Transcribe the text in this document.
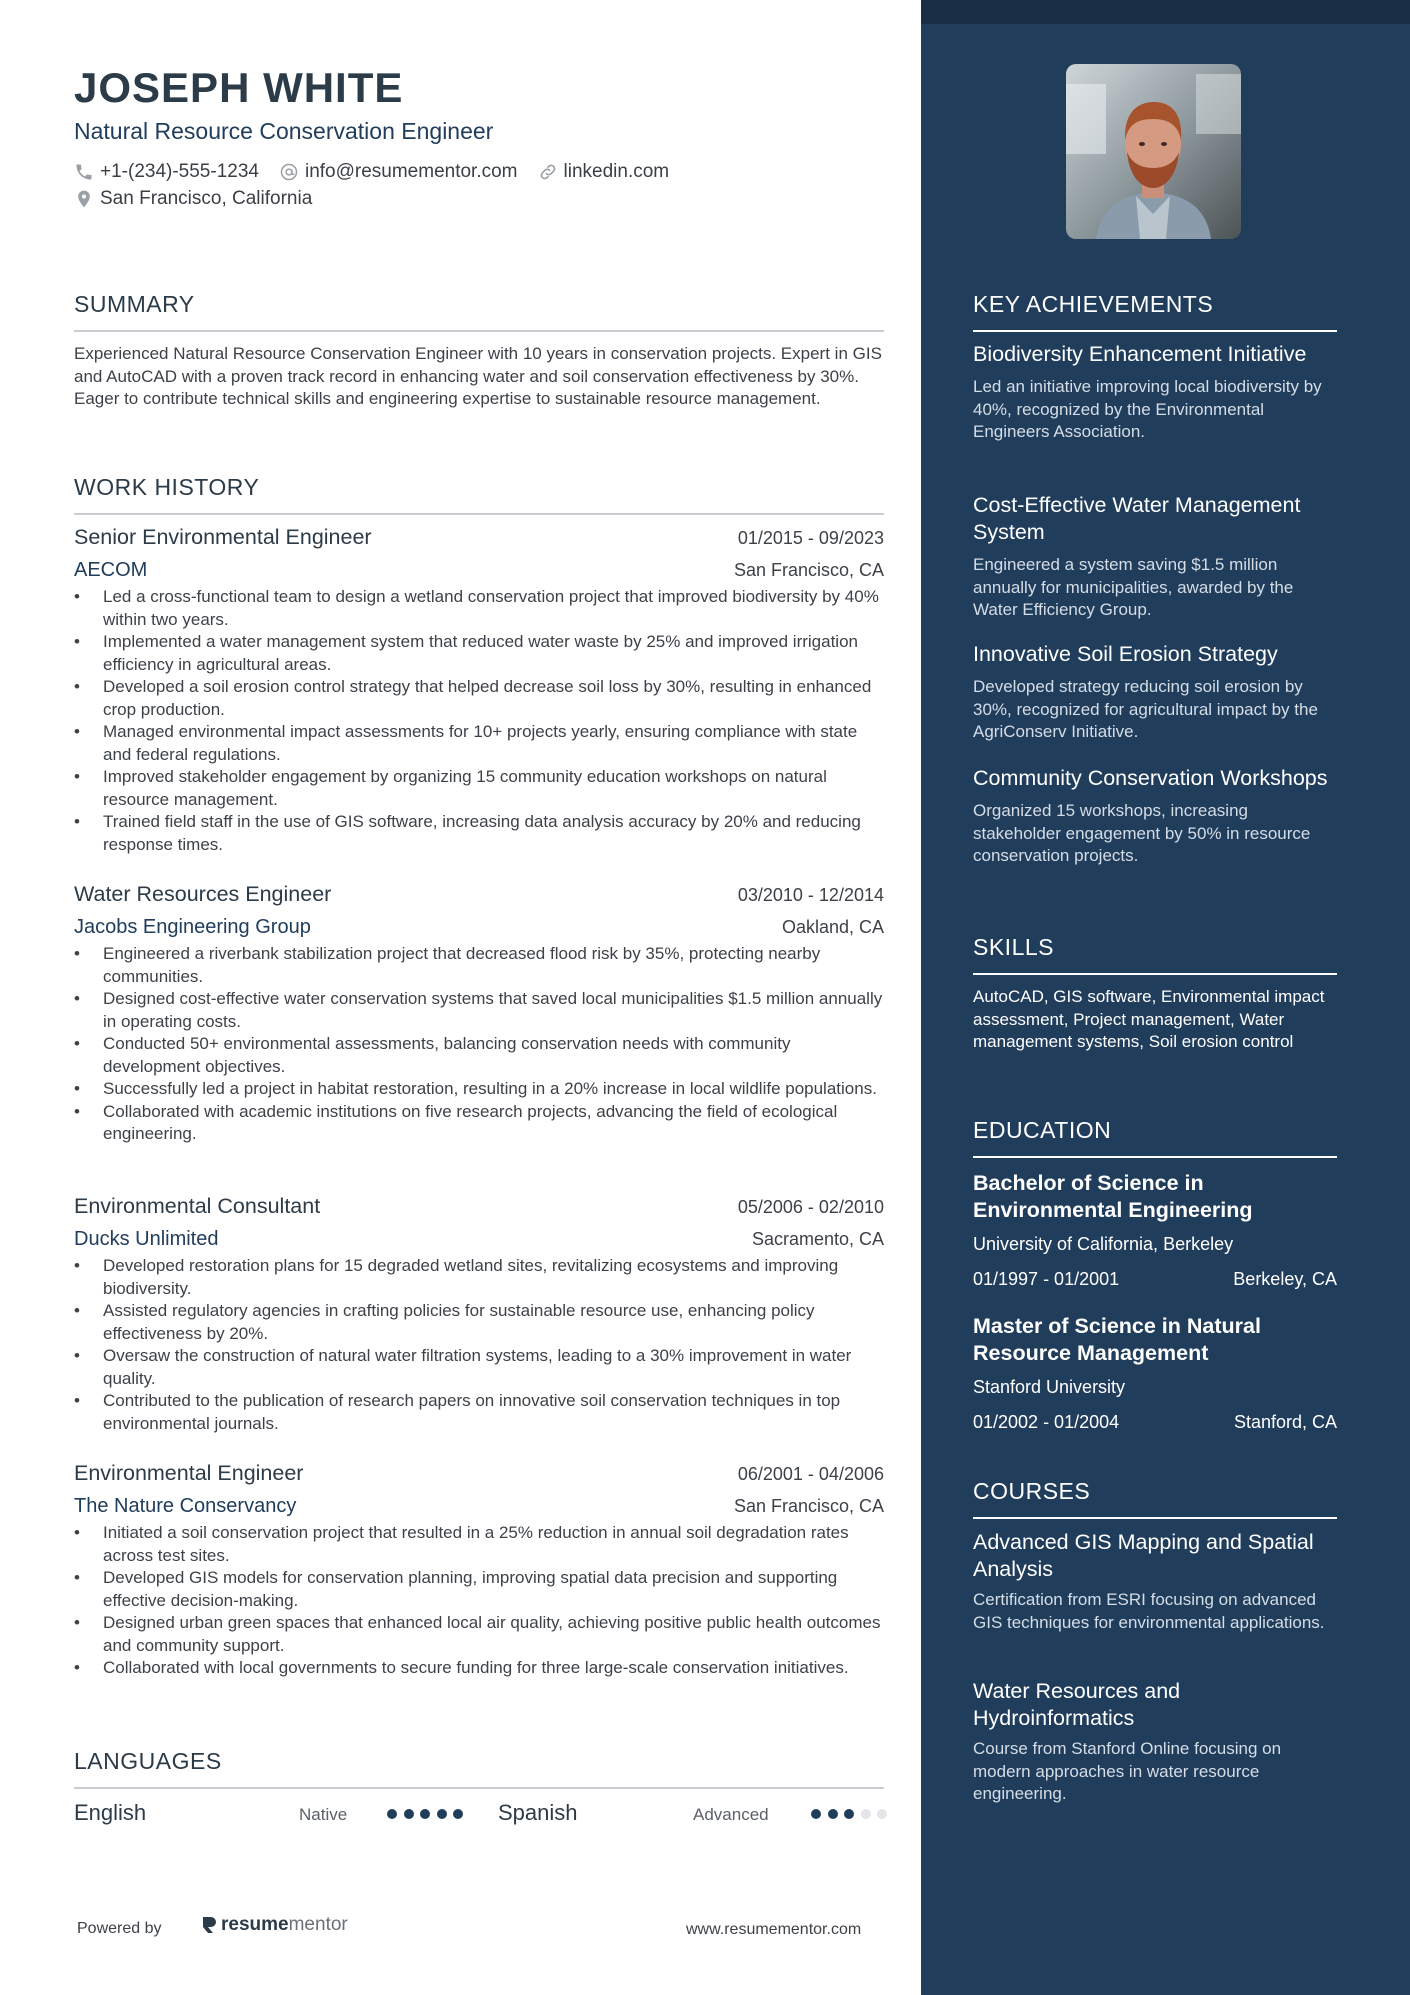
JOSEPH WHITE
Natural Resource Conservation Engineer
+1-(234)-555-1234 info@resumementor.com linkedin.com
San Francisco, California
SUMMARY
Experienced Natural Resource Conservation Engineer with 10 years in conservation projects. Expert in GIS and AutoCAD with a proven track record in enhancing water and soil conservation effectiveness by 30%. Eager to contribute technical skills and engineering expertise to sustainable resource management.
WORK HISTORY
Senior Environmental Engineer	01/2015 - 09/2023
AECOM	San Francisco, CA
• Led a cross-functional team to design a wetland conservation project that improved biodiversity by 40% within two years.
• Implemented a water management system that reduced water waste by 25% and improved irrigation efficiency in agricultural areas.
• Developed a soil erosion control strategy that helped decrease soil loss by 30%, resulting in enhanced crop production.
• Managed environmental impact assessments for 10+ projects yearly, ensuring compliance with state and federal regulations.
• Improved stakeholder engagement by organizing 15 community education workshops on natural resource management.
• Trained field staff in the use of GIS software, increasing data analysis accuracy by 20% and reducing response times.
Water Resources Engineer	03/2010 - 12/2014
Jacobs Engineering Group	Oakland, CA
• Engineered a riverbank stabilization project that decreased flood risk by 35%, protecting nearby communities.
• Designed cost-effective water conservation systems that saved local municipalities $1.5 million annually in operating costs.
• Conducted 50+ environmental assessments, balancing conservation needs with community development objectives.
• Successfully led a project in habitat restoration, resulting in a 20% increase in local wildlife populations.
• Collaborated with academic institutions on five research projects, advancing the field of ecological engineering.
Environmental Consultant	05/2006 - 02/2010
Ducks Unlimited	Sacramento, CA
• Developed restoration plans for 15 degraded wetland sites, revitalizing ecosystems and improving biodiversity.
• Assisted regulatory agencies in crafting policies for sustainable resource use, enhancing policy effectiveness by 20%.
• Oversaw the construction of natural water filtration systems, leading to a 30% improvement in water quality.
• Contributed to the publication of research papers on innovative soil conservation techniques in top environmental journals.
Environmental Engineer	06/2001 - 04/2006
The Nature Conservancy	San Francisco, CA
• Initiated a soil conservation project that resulted in a 25% reduction in annual soil degradation rates across test sites.
• Developed GIS models for conservation planning, improving spatial data precision and supporting effective decision-making.
• Designed urban green spaces that enhanced local air quality, achieving positive public health outcomes and community support.
• Collaborated with local governments to secure funding for three large-scale conservation initiatives.
LANGUAGES
English	Native	Spanish	Advanced
Powered by	resume mentor	www.resumementor.com
KEY ACHIEVEMENTS
Biodiversity Enhancement Initiative
Led an initiative improving local biodiversity by 40%, recognized by the Environmental Engineers Association.
Cost-Effective Water Management System
Engineered a system saving $1.5 million annually for municipalities, awarded by the Water Efficiency Group.
Innovative Soil Erosion Strategy
Developed strategy reducing soil erosion by 30%, recognized for agricultural impact by the AgriConserv Initiative.
Community Conservation Workshops
Organized 15 workshops, increasing stakeholder engagement by 50% in resource conservation projects.
SKILLS
AutoCAD, GIS software, Environmental impact assessment, Project management, Water management systems, Soil erosion control
EDUCATION
Bachelor of Science in Environmental Engineering
University of California, Berkeley
01/1997 - 01/2001	Berkeley, CA
Master of Science in Natural Resource Management
Stanford University
01/2002 - 01/2004	Stanford, CA
COURSES
Advanced GIS Mapping and Spatial Analysis
Certification from ESRI focusing on advanced GIS techniques for environmental applications.
Water Resources and Hydroinformatics
Course from Stanford Online focusing on modern approaches in water resource engineering.
